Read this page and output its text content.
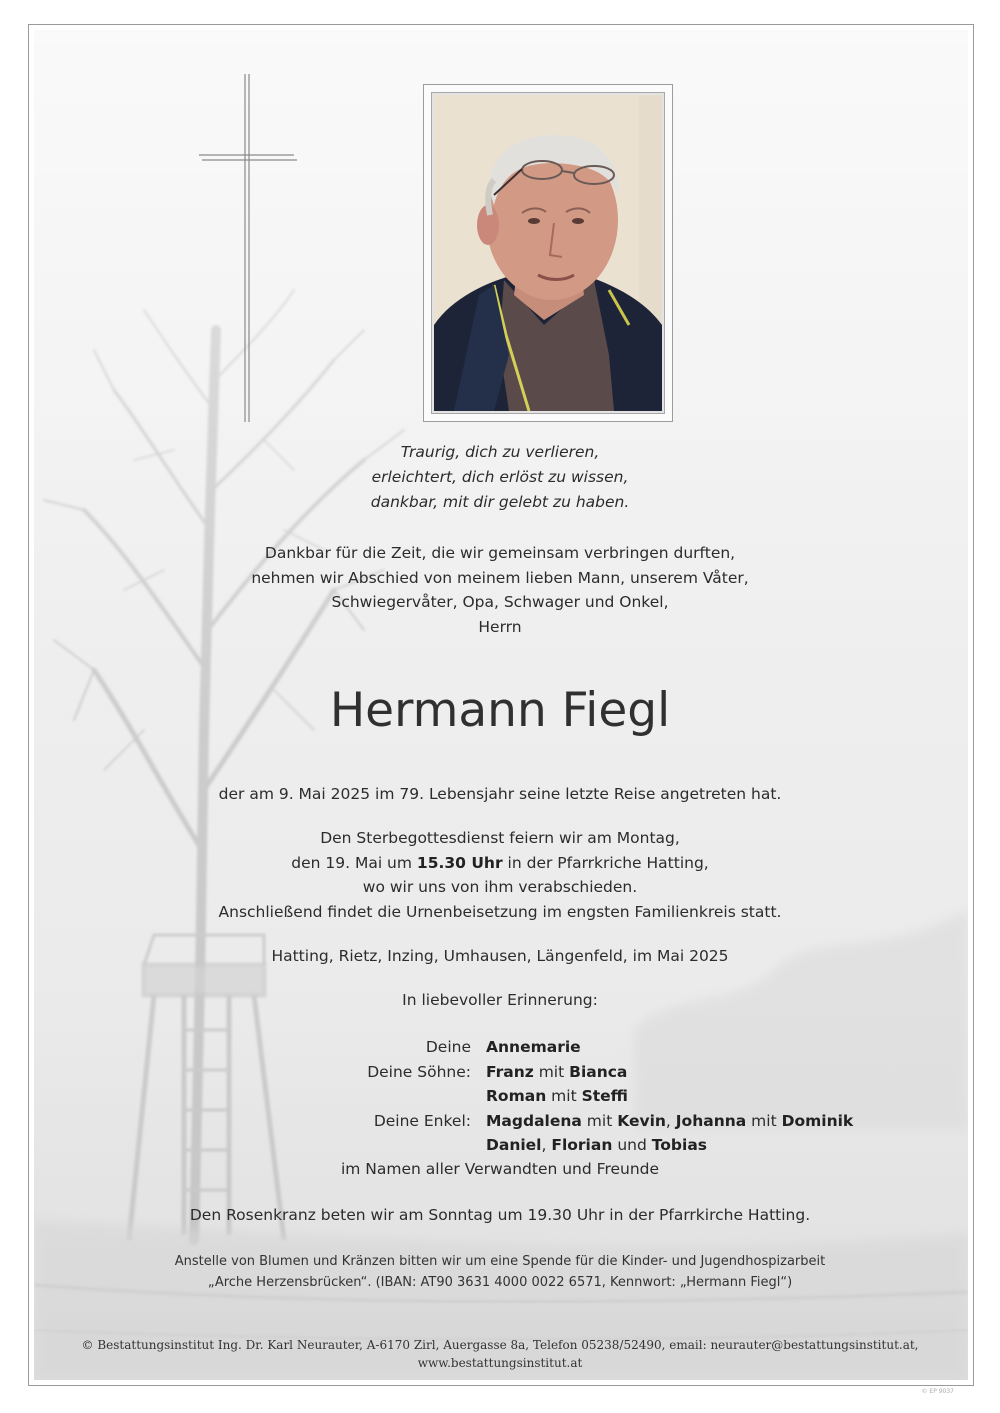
Traurig, dich zu verlieren,
erleichtert, dich erlöst zu wissen,
dankbar, mit dir gelebt zu haben.
Dankbar für die Zeit, die wir gemeinsam verbringen durften,
nehmen wir Abschied von meinem lieben Mann, unserem Våter,
Schwiegervåter, Opa, Schwager und Onkel,
Herrn
Hermann Fiegl
der am 9. Mai 2025 im 79. Lebensjahr seine letzte Reise angetreten hat.
Den Sterbegottesdienst feiern wir am Montag,
den 19. Mai um 15.30 Uhr in der Pfarrkriche Hatting,
wo wir uns von ihm verabschieden.
Anschließend findet die Urnenbeisetzung im engsten Familienkreis statt.
Hatting, Rietz, Inzing, Umhausen, Längenfeld, im Mai 2025
In liebevoller Erinnerung:
Deine Annemarie
Deine Söhne: Franz mit Bianca
Roman mit Steffi
Deine Enkel: Magdalena mit Kevin, Johanna mit Dominik
Daniel, Florian und Tobias
im Namen aller Verwandten und Freunde
Den Rosenkranz beten wir am Sonntag um 19.30 Uhr in der Pfarrkirche Hatting.
Anstelle von Blumen und Kränzen bitten wir um eine Spende für die Kinder- und Jugendhospizarbeit
„Arche Herzensbrücken“. (IBAN: AT90 3631 4000 0022 6571, Kennwort: „Hermann Fiegl“)
© Bestattungsinstitut Ing. Dr. Karl Neurauter, A-6170 Zirl, Auergasse 8a, Telefon 05238/52490, email: neurauter@bestattungsinstitut.at, www.bestattungsinstitut.at
© EP 9037
